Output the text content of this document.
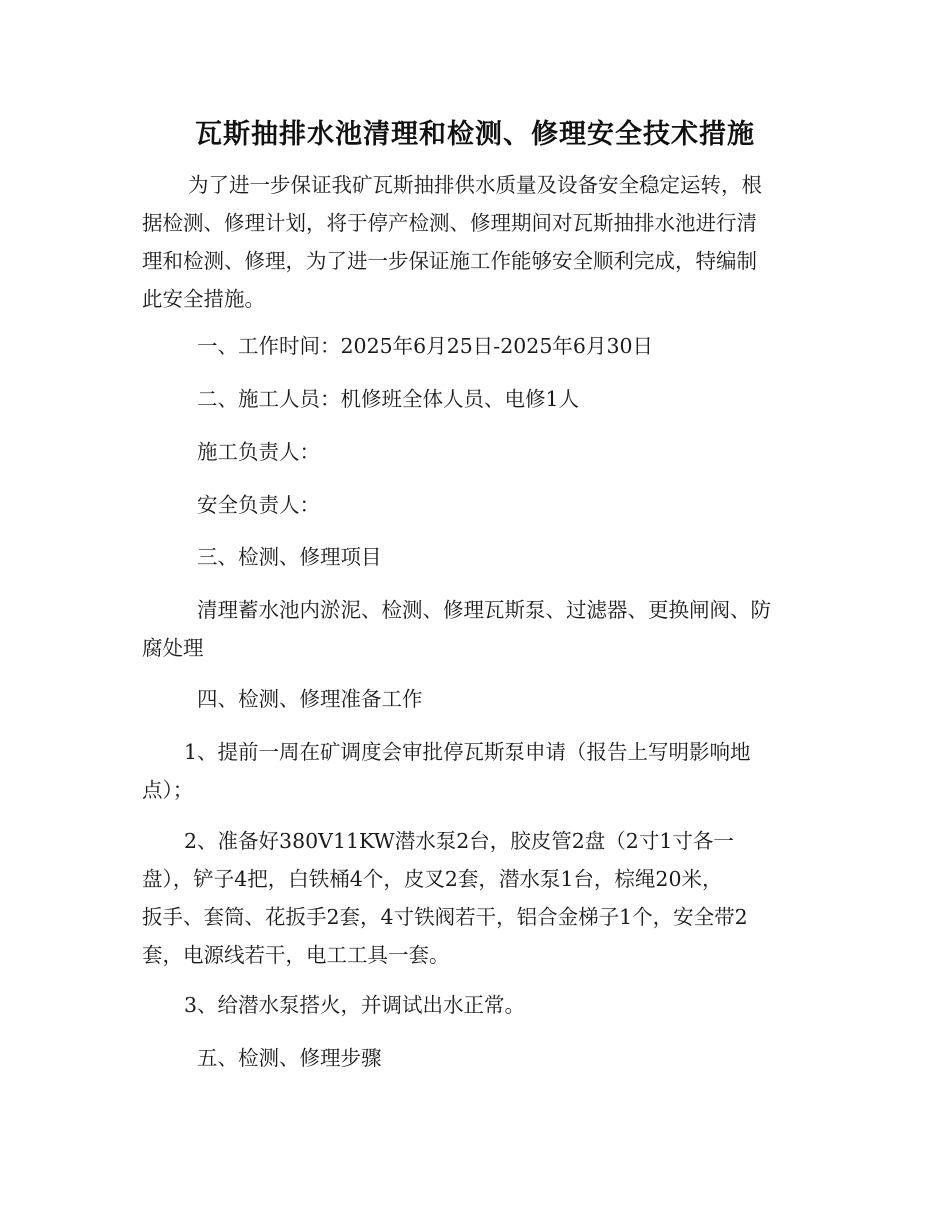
瓦斯抽排水池清理和检测、修理安全技术措施
为了进一步保证我矿瓦斯抽排供水质量及设备安全稳定运转，根
据检测、修理计划，将于停产检测、修理期间对瓦斯抽排水池进行清
理和检测、修理，为了进一步保证施工作能够安全顺利完成，特编制
此安全措施。
一、工作时间：2025年6月25日-2025年6月30日
二、施工人员：机修班全体人员、电修1人
施工负责人：
安全负责人：
三、检测、修理项目
清理蓄水池内淤泥、检测、修理瓦斯泵、过滤器、更换闸阀、防
腐处理
四、检测、修理准备工作
1、提前一周在矿调度会审批停瓦斯泵申请（报告上写明影响地
点）；
2、准备好380V11KW潜水泵2台，胶皮管2盘（2寸1寸各一
盘），铲子4把，白铁桶4个，皮叉2套，潜水泵1台，棕绳20米，
扳手、套筒、花扳手2套，4寸铁阀若干，铝合金梯子1个，安全带2
套，电源线若干，电工工具一套。
3、给潜水泵搭火，并调试出水正常。
五、检测、修理步骤
